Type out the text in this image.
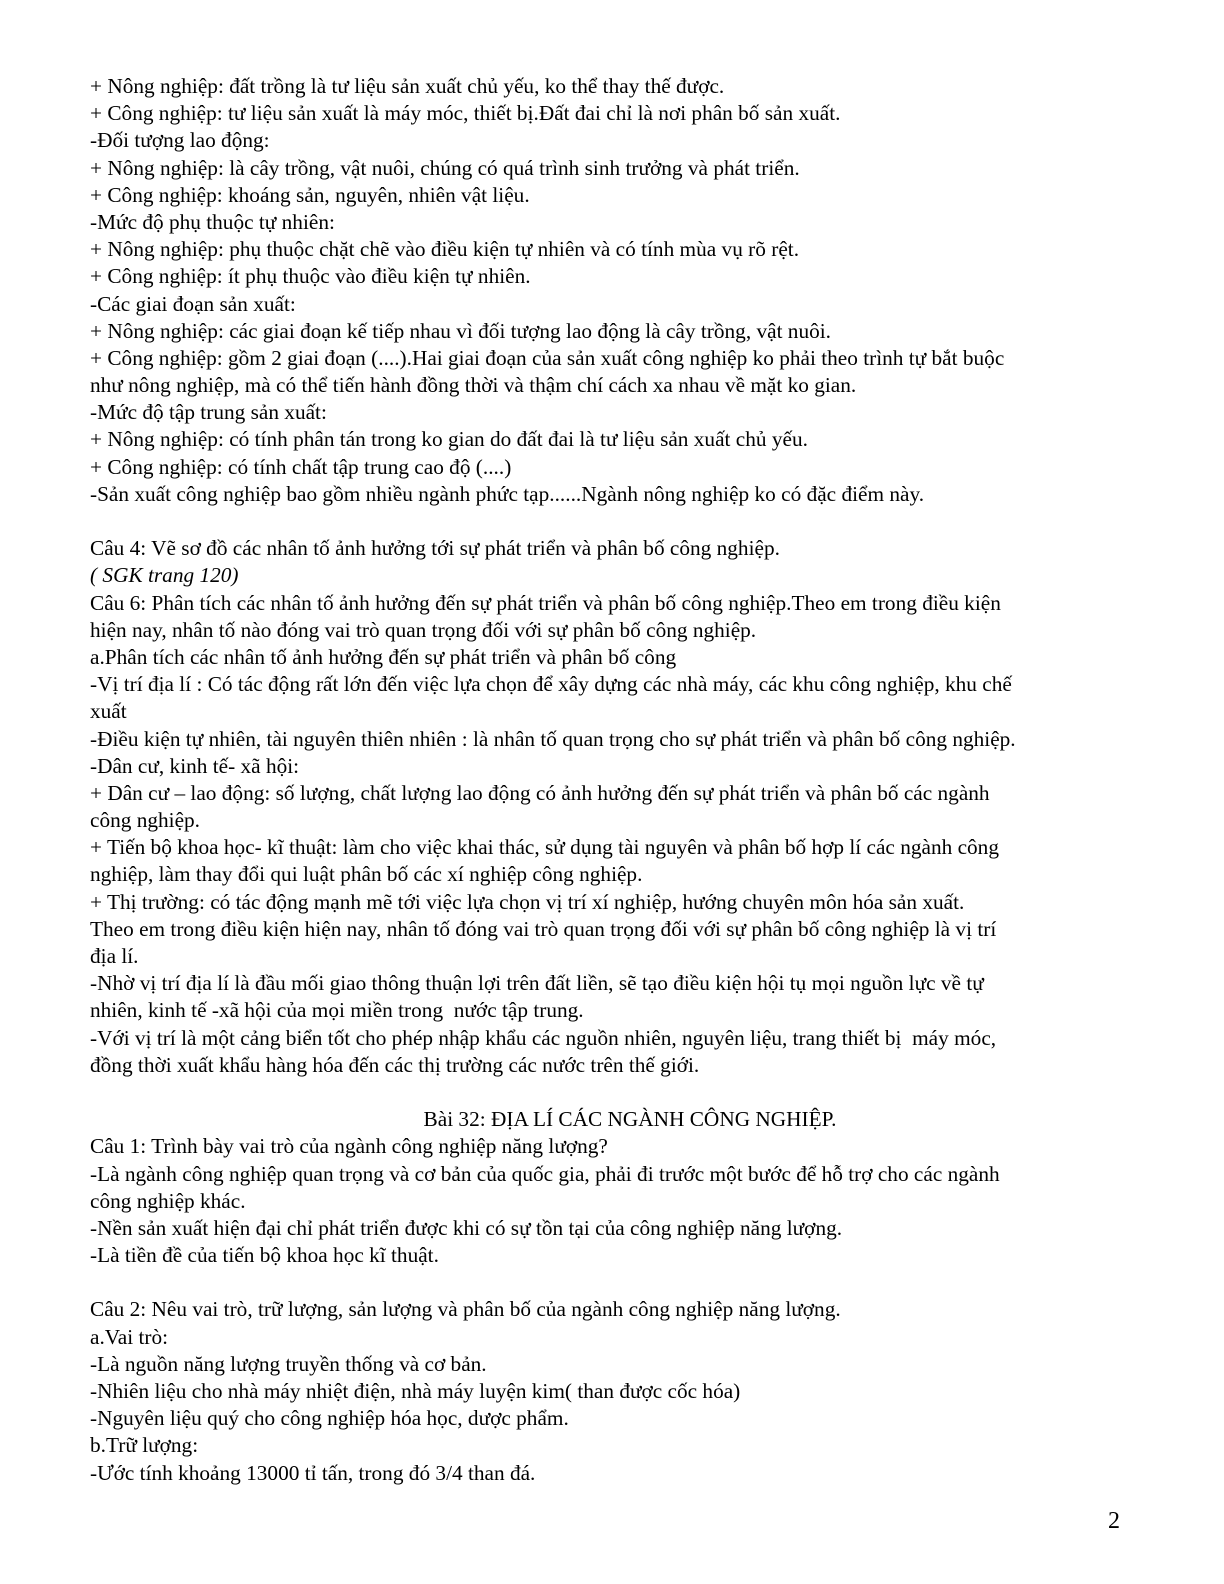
+ Nông nghiệp: đất trồng là tư liệu sản xuất chủ yếu, ko thể thay thế được.
+ Công nghiệp: tư liệu sản xuất là máy móc, thiết bị.Đất đai chỉ là nơi phân bố sản xuất.
-Đối tượng lao động:
+ Nông nghiệp: là cây trồng, vật nuôi, chúng có quá trình sinh trưởng và phát triển.
+ Công nghiệp: khoáng sản, nguyên, nhiên vật liệu.
-Mức độ phụ thuộc tự nhiên:
+ Nông nghiệp: phụ thuộc chặt chẽ vào điều kiện tự nhiên và có tính mùa vụ rõ rệt.
+ Công nghiệp: ít phụ thuộc vào điều kiện tự nhiên.
-Các giai đoạn sản xuất:
+ Nông nghiệp: các giai đoạn kế tiếp nhau vì đối tượng lao động là cây trồng, vật nuôi.
+ Công nghiệp: gồm 2 giai đoạn (....).Hai giai đoạn của sản xuất công nghiệp ko phải theo trình tự bắt buộc
như nông nghiệp, mà có thể tiến hành đồng thời và thậm chí cách xa nhau về mặt ko gian.
-Mức độ tập trung sản xuất:
+ Nông nghiệp: có tính phân tán trong ko gian do đất đai là tư liệu sản xuất chủ yếu.
+ Công nghiệp: có tính chất tập trung cao độ (....)
-Sản xuất công nghiệp bao gồm nhiều ngành phức tạp......Ngành nông nghiệp ko có đặc điểm này.
Câu 4: Vẽ sơ đồ các nhân tố ảnh hưởng tới sự phát triển và phân bố công nghiệp.
( SGK trang 120)
Câu 6: Phân tích các nhân tố ảnh hưởng đến sự phát triển và phân bố công nghiệp.Theo em trong điều kiện
hiện nay, nhân tố nào đóng vai trò quan trọng đối với sự phân bố công nghiệp.
a.Phân tích các nhân tố ảnh hưởng đến sự phát triển và phân bố công
-Vị trí địa lí : Có tác động rất lớn đến việc lựa chọn để xây dựng các nhà máy, các khu công nghiệp, khu chế
xuất
-Điều kiện tự nhiên, tài nguyên thiên nhiên : là nhân tố quan trọng cho sự phát triển và phân bố công nghiệp.
-Dân cư, kinh tế- xã hội:
+ Dân cư – lao động: số lượng, chất lượng lao động có ảnh hưởng đến sự phát triển và phân bố các ngành
công nghiệp.
+ Tiến bộ khoa học- kĩ thuật: làm cho việc khai thác, sử dụng tài nguyên và phân bố hợp lí các ngành công
nghiệp, làm thay đổi qui luật phân bố các xí nghiệp công nghiệp.
+ Thị trường: có tác động mạnh mẽ tới việc lựa chọn vị trí xí nghiệp, hướng chuyên môn hóa sản xuất.
Theo em trong điều kiện hiện nay, nhân tố đóng vai trò quan trọng đối với sự phân bố công nghiệp là vị trí
địa lí.
-Nhờ vị trí địa lí là đầu mối giao thông thuận lợi trên đất liền, sẽ tạo điều kiện hội tụ mọi nguồn lực về tự
nhiên, kinh tế -xã hội của mọi miền trong  nước tập trung.
-Với vị trí là một cảng biển tốt cho phép nhập khẩu các nguồn nhiên, nguyên liệu, trang thiết bị  máy móc,
đồng thời xuất khẩu hàng hóa đến các thị trường các nước trên thế giới.
Bài 32: ĐỊA LÍ CÁC NGÀNH CÔNG NGHIỆP.
Câu 1: Trình bày vai trò của ngành công nghiệp năng lượng?
-Là ngành công nghiệp quan trọng và cơ bản của quốc gia, phải đi trước một bước để hỗ trợ cho các ngành
công nghiệp khác.
-Nền sản xuất hiện đại chỉ phát triển được khi có sự tồn tại của công nghiệp năng lượng.
-Là tiền đề của tiến bộ khoa học kĩ thuật.
Câu 2: Nêu vai trò, trữ lượng, sản lượng và phân bố của ngành công nghiệp năng lượng.
a.Vai trò:
-Là nguồn năng lượng truyền thống và cơ bản.
-Nhiên liệu cho nhà máy nhiệt điện, nhà máy luyện kim( than được cốc hóa)
-Nguyên liệu quý cho công nghiệp hóa học, dược phẩm.
b.Trữ lượng:
-Ước tính khoảng 13000 tỉ tấn, trong đó 3/4 than đá.
2
